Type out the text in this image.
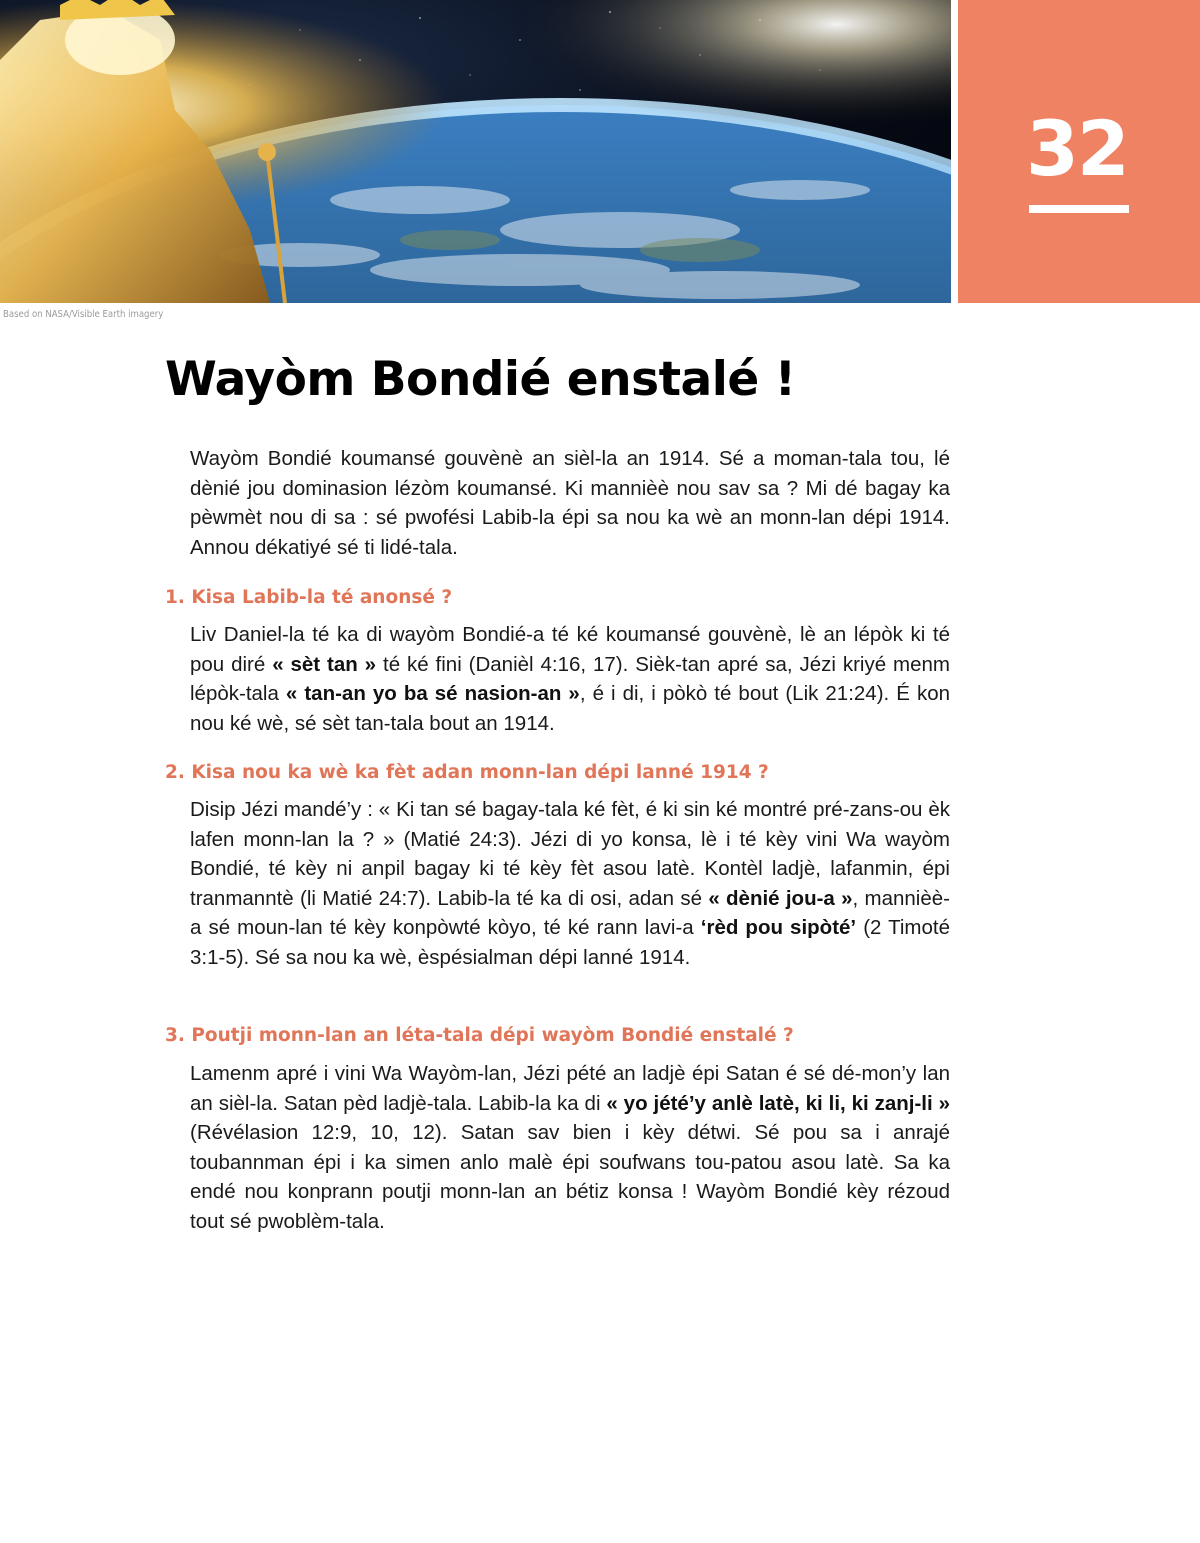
32
Based on NASA/Visible Earth imagery
Wayòm Bondié enstalé !

Wayòm Bondié koumansé gouvènè an sièl-la an 1914. Sé a moman-tala tou, lé dènié jou dominasion lézòm koumansé. Ki mannièè nou sav sa ? Mi dé bagay ka pèwmèt nou di sa : sé pwofési Labib-la épi sa nou ka wè an monn-lan dépi 1914. Annou dékatiyé sé ti lidé-tala.

1. Kisa Labib-la té anonsé ?

Liv Daniel-la té ka di wayòm Bondié-a té ké koumansé gouvènè, lè an lépòk ki té pou diré « sèt tan » té ké fini (Danièl 4:16, 17). Sièk-tan apré sa, Jézi kriyé menm lépòk-tala « tan-an yo ba sé nasion-an », é i di, i pòkò té bout (Lik 21:24). É kon nou ké wè, sé sèt tan-tala bout an 1914.

2. Kisa nou ka wè ka fèt adan monn-lan dépi lanné 1914 ?

Disip Jézi mandé’y : « Ki tan sé bagay-tala ké fèt, é ki sin ké montré pré-zans-ou èk lafen monn-lan la ? » (Matié 24:3). Jézi di yo konsa, lè i té kèy vini Wa wayòm Bondié, té kèy ni anpil bagay ki té kèy fèt asou latè. Kontèl ladjè, lafanmin, épi tranmanntè (li Matié 24:7). Labib-la té ka di osi, adan sé « dènié jou-a », mannièè-a sé moun-lan té kèy konpòwté kòyo, té ké rann lavi-a ‘rèd pou sipòté’ (2 Timoté 3:1-5). Sé sa nou ka wè, èspésialman dépi lanné 1914.

3. Poutji monn-lan an léta-tala dépi wayòm Bondié enstalé ?

Lamenm apré i vini Wa Wayòm-lan, Jézi pété an ladjè épi Satan é sé dé-mon’y lan an sièl-la. Satan pèd ladjè-tala. Labib-la ka di « yo jété’y anlè latè, ki li, ki zanj-li » (Révélasion 12:9, 10, 12). Satan sav bien i kèy détwi. Sé pou sa i anrajé toubannman épi i ka simen anlo malè épi soufwans tou-patou asou latè. Sa ka endé nou konprann poutji monn-lan an bétiz konsa ! Wayòm Bondié kèy rézoud tout sé pwoblèm-tala.
